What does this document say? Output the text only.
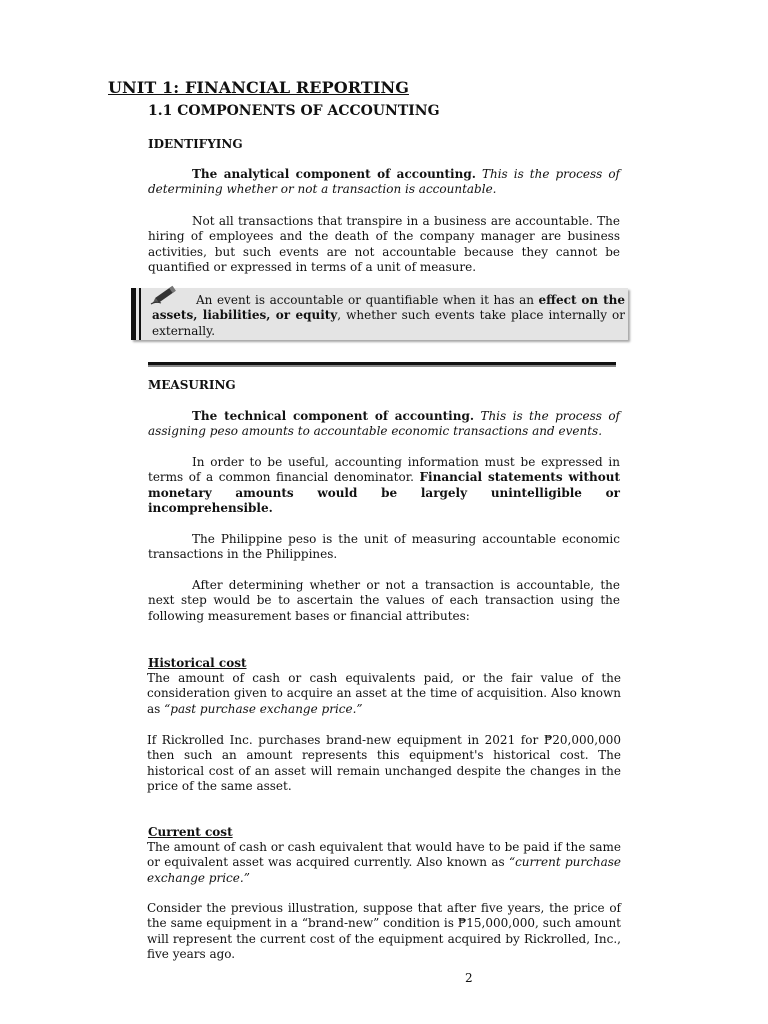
UNIT 1: FINANCIAL REPORTING
1.1 COMPONENTS OF ACCOUNTING
IDENTIFYING

The analytical component of accounting. This is the process of determining whether or not a transaction is accountable.

Not all transactions that transpire in a business are accountable. The hiring of employees and the death of the company manager are business activities, but such events are not accountable because they cannot be quantified or expressed in terms of a unit of measure.

An event is accountable or quantifiable when it has an effect on the assets, liabilities, or equity, whether such events take place internally or externally.

MEASURING

The technical component of accounting. This is the process of assigning peso amounts to accountable economic transactions and events.

In order to be useful, accounting information must be expressed in terms of a common financial denominator. Financial statements without monetary amounts would be largely unintelligible or incomprehensible.

The Philippine peso is the unit of measuring accountable economic transactions in the Philippines.

After determining whether or not a transaction is accountable, the next step would be to ascertain the values of each transaction using the following measurement bases or financial attributes:

Historical cost

The amount of cash or cash equivalents paid, or the fair value of the consideration given to acquire an asset at the time of acquisition. Also known as “past purchase exchange price.”

If Rickrolled Inc. purchases brand-new equipment in 2021 for ₱20,000,000 then such an amount represents this equipment's historical cost. The historical cost of an asset will remain unchanged despite the changes in the price of the same asset.

Current cost

The amount of cash or cash equivalent that would have to be paid if the same or equivalent asset was acquired currently. Also known as “current purchase exchange price.”

Consider the previous illustration, suppose that after five years, the price of the same equipment in a “brand-new” condition is ₱15,000,000, such amount will represent the current cost of the equipment acquired by Rickrolled, Inc., five years ago.

2
